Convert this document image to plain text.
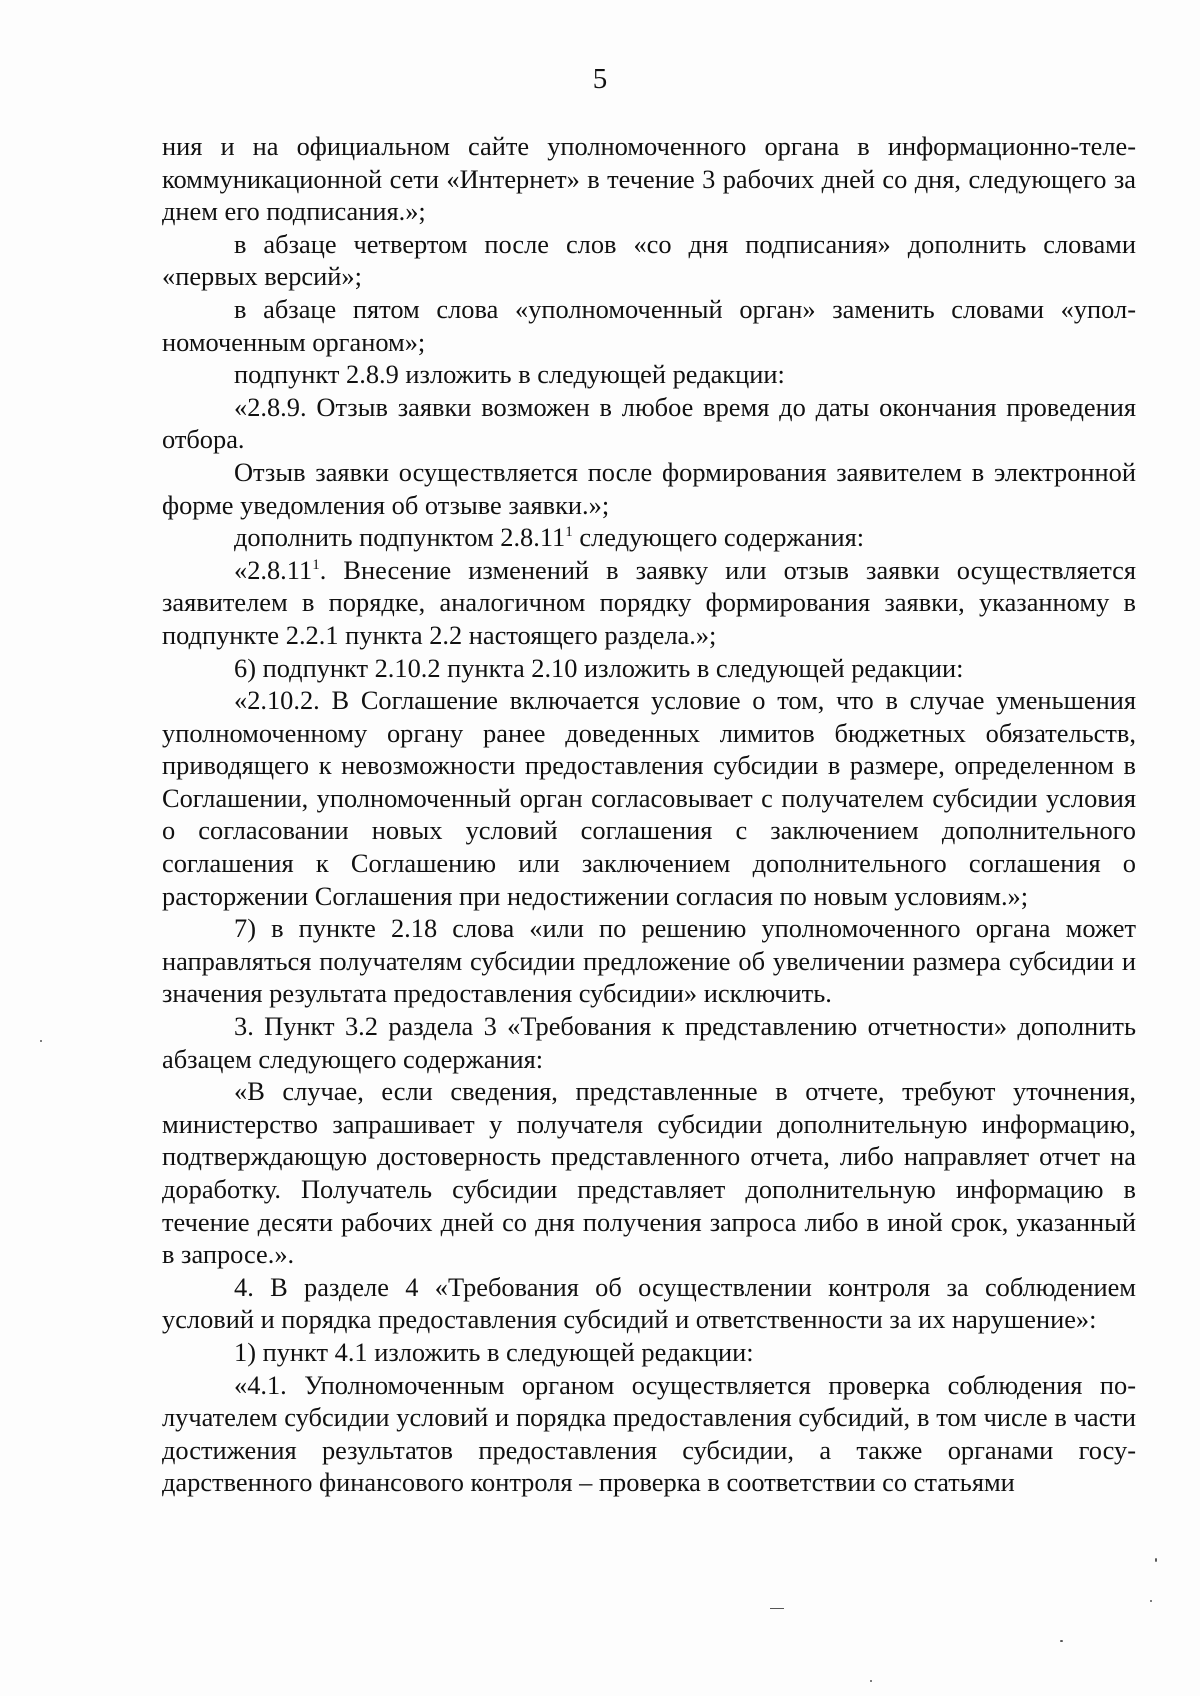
5

ния и на официальном сайте уполномоченного органа в информационно-телекоммуникационной сети «Интернет» в течение 3 рабочих дней со дня, следующего за днем его подписания.»;

в абзаце четвертом после слов «со дня подписания» дополнить словами «первых версий»;

в абзаце пятом слова «уполномоченный орган» заменить словами «уполномоченным органом»;

подпункт 2.8.9 изложить в следующей редакции:

«2.8.9. Отзыв заявки возможен в любое время до даты окончания проведения отбора.

Отзыв заявки осуществляется после формирования заявителем в электронной форме уведомления об отзыве заявки.»;

дополнить подпунктом 2.8.11$^1$ следующего содержания:

«2.8.11$^1$. Внесение изменений в заявку или отзыв заявки осуществляется заявителем в порядке, аналогичном порядку формирования заявки, указанному в подпункте 2.2.1 пункта 2.2 настоящего раздела.»;

6) подпункт 2.10.2 пункта 2.10 изложить в следующей редакции:

«2.10.2. В Соглашение включается условие о том, что в случае уменьшения уполномоченному органу ранее доведенных лимитов бюджетных обязательств, приводящего к невозможности предоставления субсидии в размере, определенном в Соглашении, уполномоченный орган согласовывает с получателем субсидии условия о согласовании новых условий соглашения с заключением дополнительного соглашения к Соглашению или заключением дополнительного соглашения о расторжении Соглашения при недостижении согласия по новым условиям.»;

7) в пункте 2.18 слова «или по решению уполномоченного органа может направляться получателям субсидии предложение об увеличении размера субсидии и значения результата предоставления субсидии» исключить.

3. Пункт 3.2 раздела 3 «Требования к представлению отчетности» дополнить абзацем следующего содержания:

«В случае, если сведения, представленные в отчете, требуют уточнения, министерство запрашивает у получателя субсидии дополнительную информацию, подтверждающую достоверность представленного отчета, либо направляет отчет на доработку. Получатель субсидии представляет дополнительную информацию в течение десяти рабочих дней со дня получения запроса либо в иной срок, указанный в запросе.».

4. В разделе 4 «Требования об осуществлении контроля за соблюдением условий и порядка предоставления субсидий и ответственности за их нарушение»:

1) пункт 4.1 изложить в следующей редакции:

«4.1. Уполномоченным органом осуществляется проверка соблюдения получателем субсидии условий и порядка предоставления субсидий, в том числе в части достижения результатов предоставления субсидии, а также органами государственного финансового контроля – проверка в соответствии со статьями
